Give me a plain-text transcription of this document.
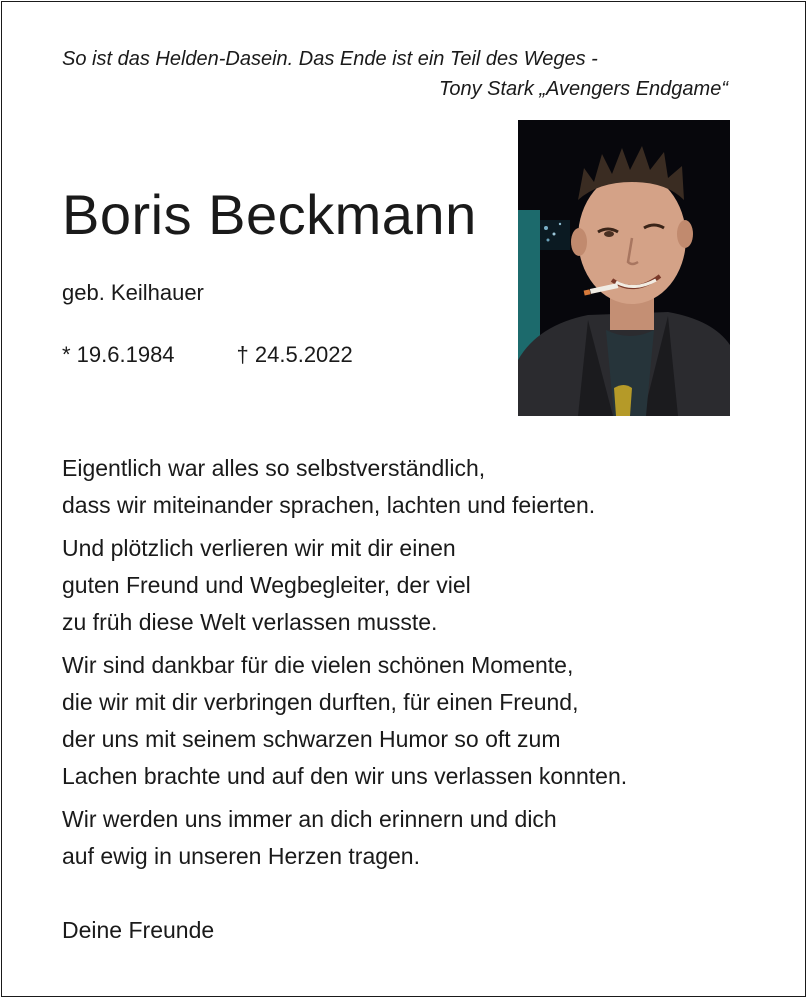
So ist das Helden-Dasein. Das Ende ist ein Teil des Weges -
Tony Stark „Avengers Endgame“
Boris Beckmann
geb. Keilhauer
* 19.6.1984	† 24.5.2022
Eigentlich war alles so selbstverständlich,
dass wir miteinander sprachen, lachten und feierten.
Und plötzlich verlieren wir mit dir einen
guten Freund und Wegbegleiter, der viel
zu früh diese Welt verlassen musste.
Wir sind dankbar für die vielen schönen Momente,
die wir mit dir verbringen durften, für einen Freund,
der uns mit seinem schwarzen Humor so oft zum
Lachen brachte und auf den wir uns verlassen konnten.
Wir werden uns immer an dich erinnern und dich
auf ewig in unseren Herzen tragen.
Deine Freunde
